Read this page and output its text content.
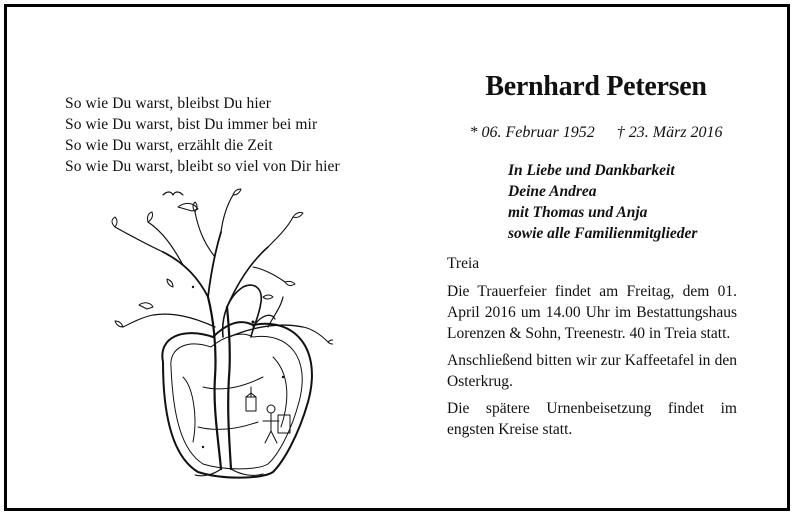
So wie Du warst, bleibst Du hier
So wie Du warst, bist Du immer bei mir
So wie Du warst, erzählt die Zeit
So wie Du warst, bleibt so viel von Dir hier
Bernhard Petersen
* 06. Februar 1952 † 23. März 2016
In Liebe und Dankbarkeit
Deine Andrea
mit Thomas und Anja
sowie alle Familienmitglieder

Treia

Die Trauerfeier findet am Freitag, dem 01. April 2016 um 14.00 Uhr im Bestattungshaus Lorenzen & Sohn, Treenestr. 40 in Treia statt.

Anschließend bitten wir zur Kaffeetafel in den Osterkrug.

Die spätere Urnenbeisetzung findet im engsten Kreise statt.
